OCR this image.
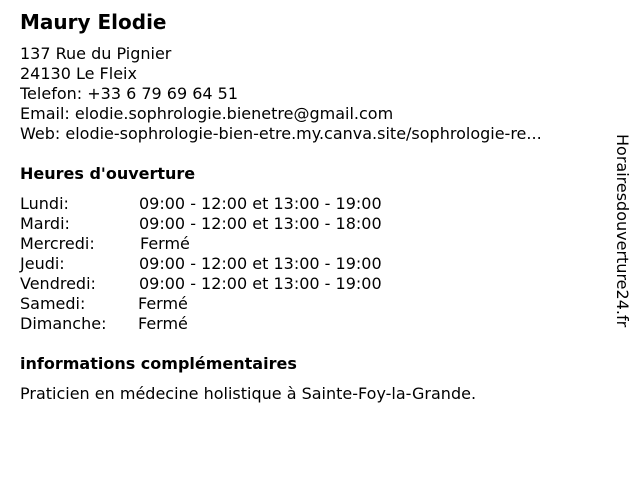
Maury Elodie
137 Rue du Pignier
24130 Le Fleix
Telefon: +33 6 79 69 64 51
Email: elodie.sophrologie.bienetre@gmail.com
Web: elodie-sophrologie-bien-etre.my.canva.site/sophrologie-re...
Heures d'ouverture
Lundi:	09:00 - 12:00 et 13:00 - 19:00
Mardi:	09:00 - 12:00 et 13:00 - 18:00
Mercredi:	Fermé
Jeudi:	09:00 - 12:00 et 13:00 - 19:00
Vendredi:	09:00 - 12:00 et 13:00 - 19:00
Samedi:	Fermé
Dimanche: Fermé
informations complémentaires
Praticien en médecine holistique à Sainte-Foy-la-Grande.
Horairesdouverture24.fr
